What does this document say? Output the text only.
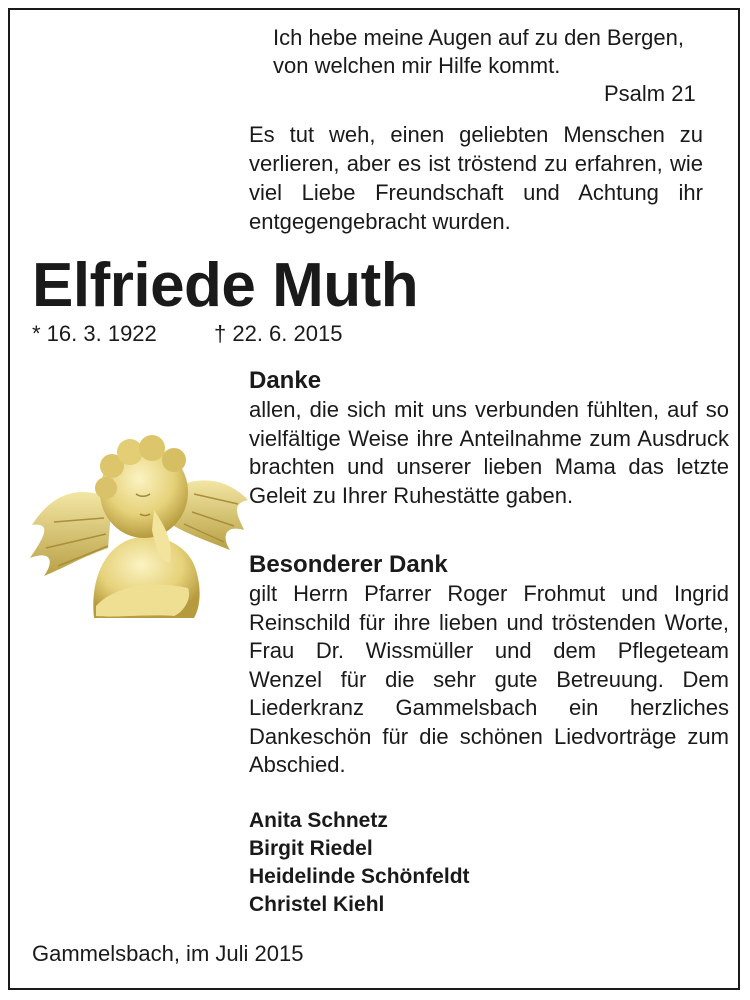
Ich hebe meine Augen auf zu den Bergen,
von welchen mir Hilfe kommt.
Psalm 21

Es tut weh, einen geliebten Menschen zu verlieren, aber es ist tröstend zu erfahren, wie viel Liebe Freundschaft und Achtung ihr entgegengebracht wurden.

Elfriede Muth
* 16. 3. 1922	† 22. 6. 2015
Danke

allen, die sich mit uns verbunden fühlten, auf so vielfältige Weise ihre Anteilnahme zum Ausdruck brachten und unserer lieben Mama das letzte Geleit zu Ihrer Ruhestätte gaben.

Besonderer Dank

gilt Herrn Pfarrer Roger Frohmut und Ingrid Reinschild für ihre lieben und tröstenden Worte, Frau Dr. Wissmüller und dem Pflegeteam Wenzel für die sehr gute Betreuung. Dem Liederkranz Gammelsbach ein herzliches Dankeschön für die schönen Liedvorträge zum Abschied.

Anita Schnetz
Birgit Riedel
Heidelinde Schönfeldt
Christel Kiehl
Gammelsbach, im Juli 2015
